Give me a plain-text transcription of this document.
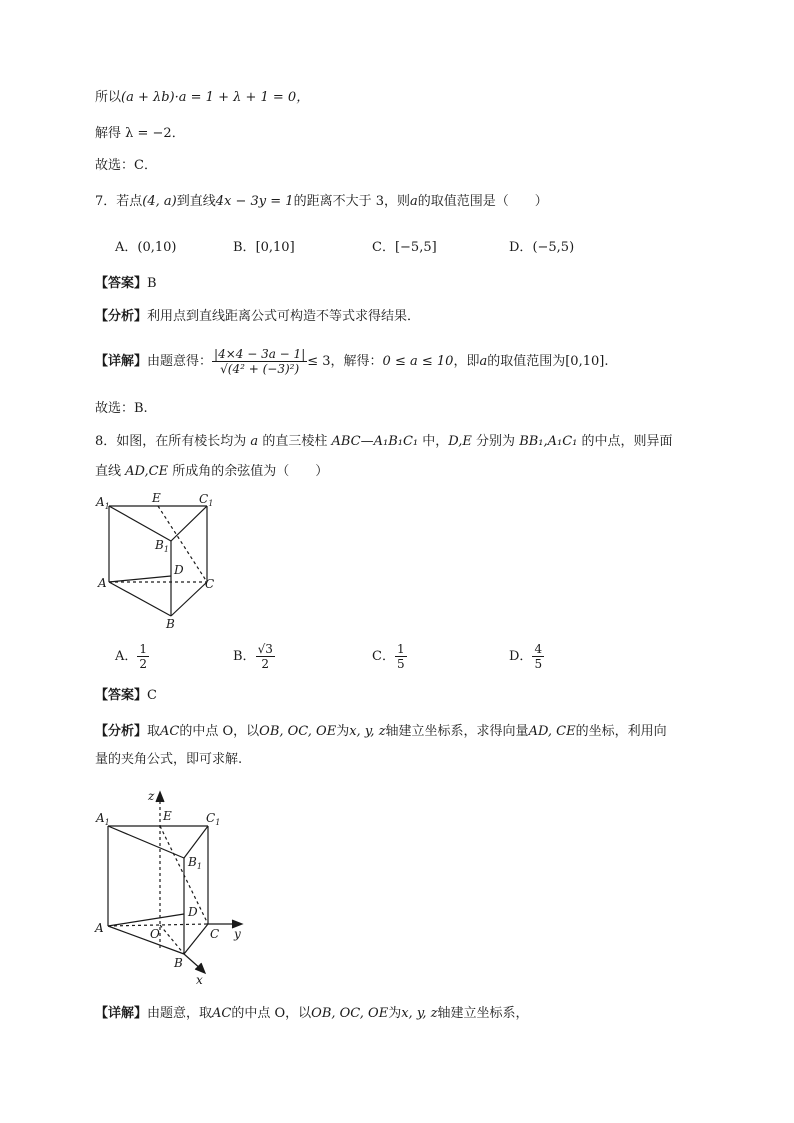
所以(a + λb)·a = 1 + λ + 1 = 0，
解得 λ = −2．
故选：C．
7．若点(4, a)到直线4x − 3y = 1的距离不大于 3，则a的取值范围是（　　）
A．(0,10)	B．[0,10]	C．[−5,5]	D．(−5,5)
【答案】B
【分析】利用点到直线距离公式可构造不等式求得结果．
【详解】由题意得： $\frac{|4\times 4 - 3a - 1|}{\text{√(4² + (−3)²)}} \le 3$，解得：0 ≤ a ≤ 10，即a的取值范围为[0,10].
故选：B.
8．如图，在所有棱长均为 a 的直三棱柱 ABC—A₁B₁C₁ 中，D,E 分别为 BB₁,A₁C₁ 的中点，则异面
直线 AD,CE 所成角的余弦值为（　　）
$A_1$
E	$C_1$
$B_1$
D
A	C
B
A． $\frac{1}{2}$	B． $\frac{√3}{2}$	C． $\frac{1}{5}$	D． $\frac{4}{5}$
【答案】C
【分析】取AC的中点 O，以OB, OC, OE为x, y, z轴建立坐标系，求得向量AD, CE的坐标，利用向
量的夹角公式，即可求解.
z
$A_1$	E	$C_1$
$B_1$
D
A	O	C y
B
x
【详解】由题意，取AC的中点 O，以OB, OC, OE为x, y, z轴建立坐标系，
